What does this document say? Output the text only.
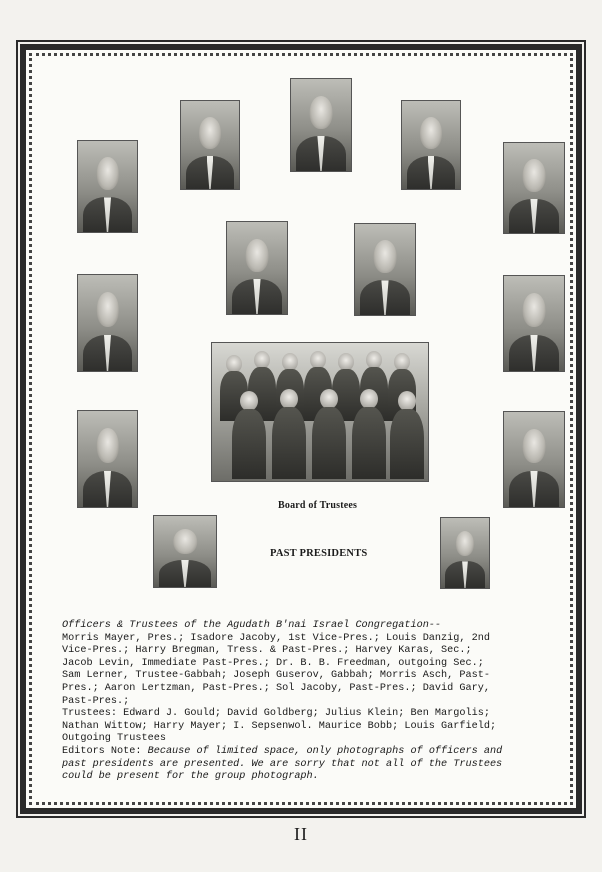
Board of Trustees
PAST PRESIDENTS

Officers & Trustees of the Agudath B'nai Israel Congregation--

Morris Mayer, Pres.; Isadore Jacoby, 1st Vice-Pres.; Louis Danzig, 2nd

Vice-Pres.; Harry Bregman, Tress. & Past-Pres.; Harvey Karas, Sec.;

Jacob Levin, Immediate Past-Pres.; Dr. B. B. Freedman, outgoing Sec.;

Sam Lerner, Trustee-Gabbah; Joseph Guserov, Gabbah; Morris Asch, Past-

Pres.; Aaron Lertzman, Past-Pres.; Sol Jacoby, Past-Pres.; David Gary,

Past-Pres.;

Trustees: Edward J. Gould; David Goldberg; Julius Klein; Ben Margolis;

Nathan Wittow; Harry Mayer; I. Sepsenwol. Maurice Bobb; Louis Garfield;

Outgoing Trustees

Editors Note: Because of limited space, only photographs of officers and

past presidents are presented. We are sorry that not all of the Trustees

could be present for the group photograph.

II
